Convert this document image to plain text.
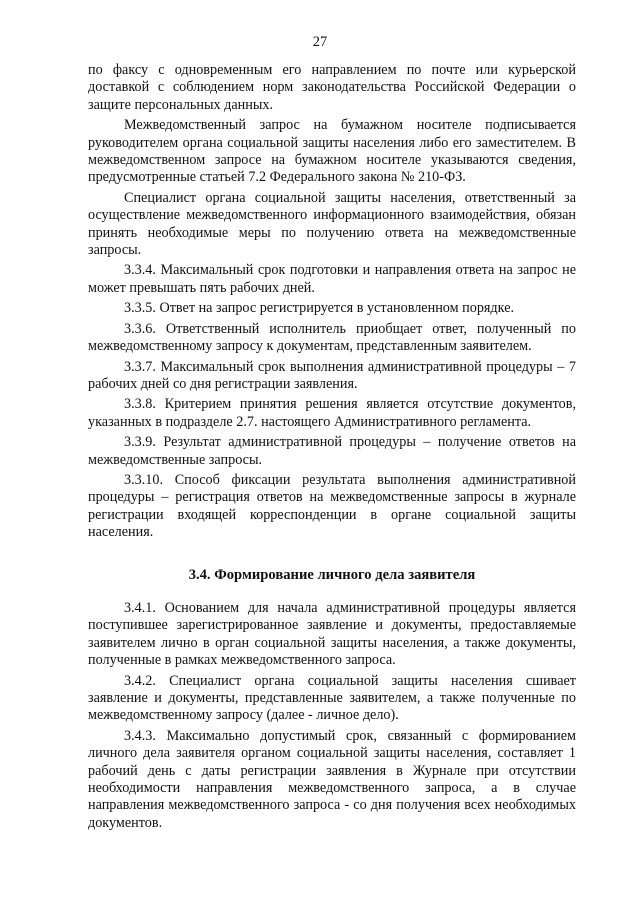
27

по факсу с одновременным его направлением по почте или курьерской доставкой с соблюдением норм законодательства Российской Федерации о защите персональных данных.

Межведомственный запрос на бумажном носителе подписывается руководителем органа социальной защиты населения либо его заместителем. В межведомственном запросе на бумажном носителе указываются сведения, предусмотренные статьей 7.2 Федерального закона № 210-ФЗ.

Специалист органа социальной защиты населения, ответственный за осуществление межведомственного информационного взаимодействия, обязан принять необходимые меры по получению ответа на межведомственные запросы.

3.3.4. Максимальный срок подготовки и направления ответа на запрос не может превышать пять рабочих дней.

3.3.5. Ответ на запрос регистрируется в установленном порядке.

3.3.6. Ответственный исполнитель приобщает ответ, полученный по межведомственному запросу к документам, представленным заявителем.

3.3.7. Максимальный срок выполнения административной процедуры – 7 рабочих дней со дня регистрации заявления.

3.3.8. Критерием принятия решения является отсутствие документов, указанных в подразделе 2.7. настоящего Административного регламента.

3.3.9. Результат административной процедуры – получение ответов на межведомственные запросы.

3.3.10. Способ фиксации результата выполнения административной процедуры – регистрация ответов на межведомственные запросы в журнале регистрации входящей корреспонденции в органе социальной защиты населения.

3.4. Формирование личного дела заявителя

3.4.1. Основанием для начала административной процедуры является поступившее зарегистрированное заявление и документы, предоставляемые заявителем лично в орган социальной защиты населения, а также документы, полученные в рамках межведомственного запроса.

3.4.2. Специалист органа социальной защиты населения сшивает заявление и документы, представленные заявителем, а также полученные по межведомственному запросу (далее - личное дело).

3.4.3. Максимально допустимый срок, связанный с формированием личного дела заявителя органом социальной защиты населения, составляет 1 рабочий день с даты регистрации заявления в Журнале при отсутствии необходимости направления межведомственного запроса, а в случае направления межведомственного запроса - со дня получения всех необходимых документов.
